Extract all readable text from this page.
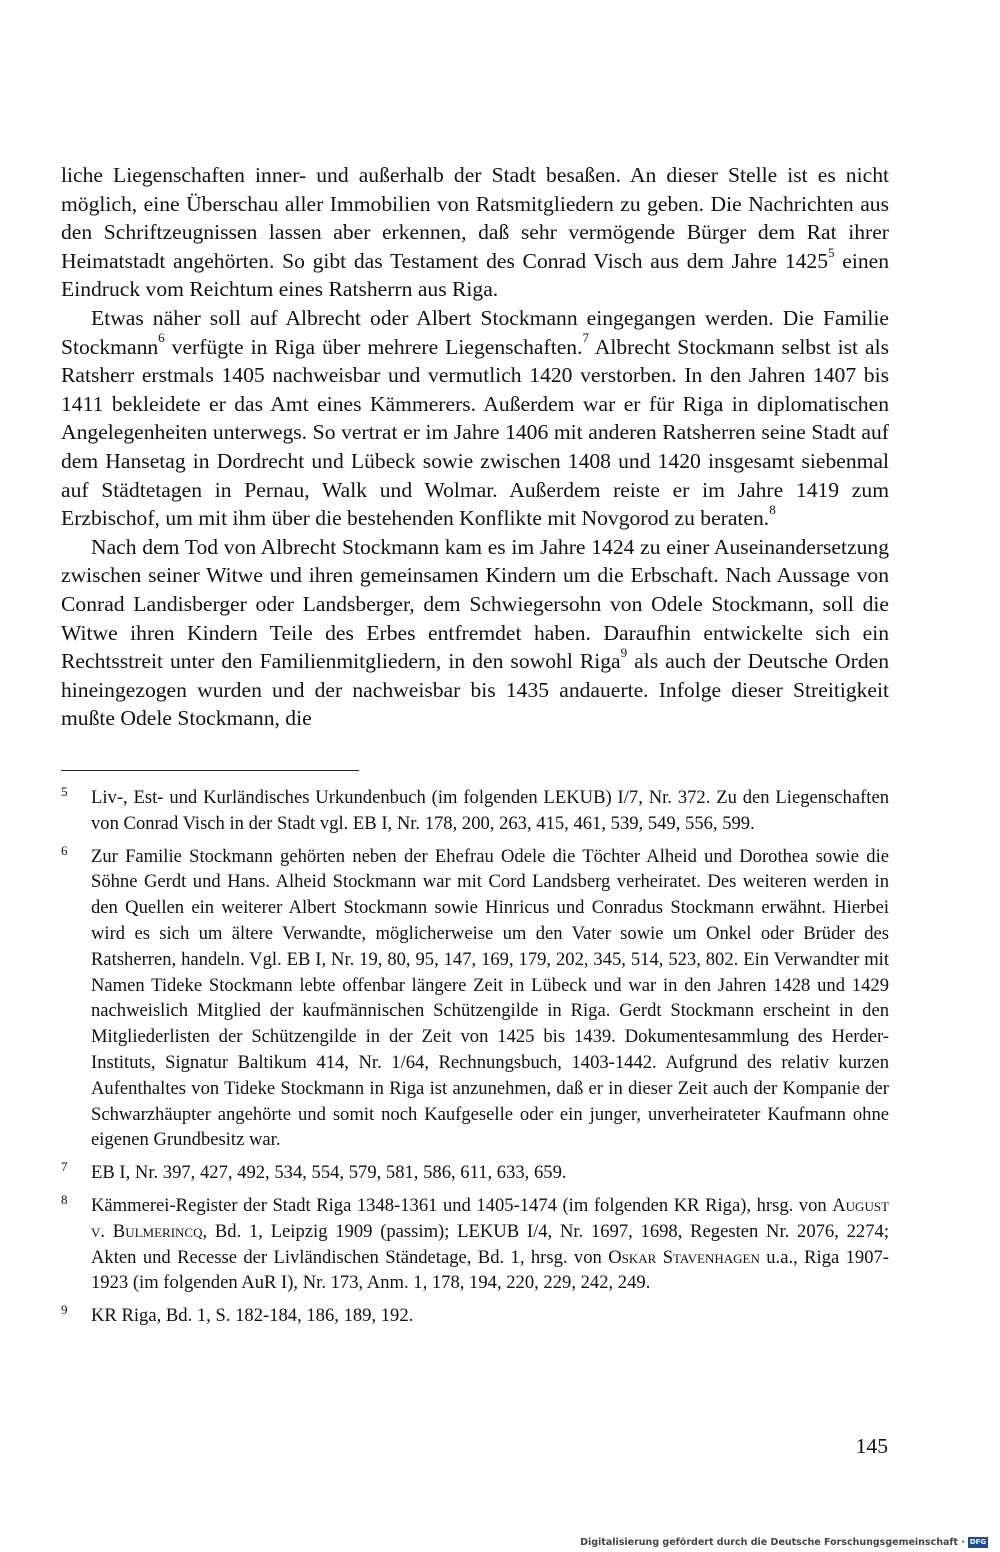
liche Liegenschaften inner- und außerhalb der Stadt besaßen. An dieser Stelle ist es nicht möglich, eine Überschau aller Immobilien von Ratsmitgliedern zu geben. Die Nachrichten aus den Schriftzeugnissen lassen aber erkennen, daß sehr vermögende Bürger dem Rat ihrer Heimatstadt angehörten. So gibt das Testament des Conrad Visch aus dem Jahre 1425$^5$ einen Eindruck vom Reichtum eines Ratsherrn aus Riga.

Etwas näher soll auf Albrecht oder Albert Stockmann eingegangen werden. Die Familie Stockmann$^6$ verfügte in Riga über mehrere Liegenschaften.$^7$ Albrecht Stockmann selbst ist als Ratsherr erstmals 1405 nachweisbar und vermutlich 1420 verstorben. In den Jahren 1407 bis 1411 bekleidete er das Amt eines Kämmerers. Außerdem war er für Riga in diplomatischen Angelegenheiten unterwegs. So vertrat er im Jahre 1406 mit anderen Ratsherren seine Stadt auf dem Hansetag in Dordrecht und Lübeck sowie zwischen 1408 und 1420 insgesamt siebenmal auf Städtetagen in Pernau, Walk und Wolmar. Außerdem reiste er im Jahre 1419 zum Erzbischof, um mit ihm über die bestehenden Konflikte mit Novgorod zu beraten.$^8$

Nach dem Tod von Albrecht Stockmann kam es im Jahre 1424 zu einer Auseinandersetzung zwischen seiner Witwe und ihren gemeinsamen Kindern um die Erbschaft. Nach Aussage von Conrad Landisberger oder Landsberger, dem Schwiegersohn von Odele Stockmann, soll die Witwe ihren Kindern Teile des Erbes entfremdet haben. Daraufhin entwickelte sich ein Rechtsstreit unter den Familienmitgliedern, in den sowohl Riga$^9$ als auch der Deutsche Orden hineingezogen wurden und der nachweisbar bis 1435 andauerte. Infolge dieser Streitigkeit mußte Odele Stockmann, die

5 Liv-, Est- und Kurländisches Urkundenbuch (im folgenden LEKUB) I/7, Nr. 372. Zu den Liegenschaften von Conrad Visch in der Stadt vgl. EB I, Nr. 178, 200, 263, 415, 461, 539, 549, 556, 599.
6 Zur Familie Stockmann gehörten neben der Ehefrau Odele die Töchter Alheid und Dorothea sowie die Söhne Gerdt und Hans. Alheid Stockmann war mit Cord Landsberg verheiratet. Des weiteren werden in den Quellen ein weiterer Albert Stockmann sowie Hinricus und Conradus Stockmann erwähnt. Hierbei wird es sich um ältere Verwandte, möglicherweise um den Vater sowie um Onkel oder Brüder des Ratsherren, handeln. Vgl. EB I, Nr. 19, 80, 95, 147, 169, 179, 202, 345, 514, 523, 802. Ein Verwandter mit Namen Tideke Stockmann lebte offenbar längere Zeit in Lübeck und war in den Jahren 1428 und 1429 nachweislich Mitglied der kaufmännischen Schützengilde in Riga. Gerdt Stockmann erscheint in den Mitgliederlisten der Schützengilde in der Zeit von 1425 bis 1439. Dokumentesammlung des Herder-Instituts, Signatur Baltikum 414, Nr. 1/64, Rechnungsbuch, 1403-1442. Aufgrund des relativ kurzen Aufenthaltes von Tideke Stockmann in Riga ist anzunehmen, daß er in dieser Zeit auch der Kompanie der Schwarzhäupter angehörte und somit noch Kaufgeselle oder ein junger, unverheirateter Kaufmann ohne eigenen Grundbesitz war.
7 EB I, Nr. 397, 427, 492, 534, 554, 579, 581, 586, 611, 633, 659.
8 Kämmerei-Register der Stadt Riga 1348-1361 und 1405-1474 (im folgenden KR Riga), hrsg. von August v. Bulmerincq, Bd. 1, Leipzig 1909 (passim); LEKUB I/4, Nr. 1697, 1698, Regesten Nr. 2076, 2274; Akten und Recesse der Livländischen Ständetage, Bd. 1, hrsg. von Oskar Stavenhagen u.a., Riga 1907-1923 (im folgenden AuR I), Nr. 173, Anm. 1, 178, 194, 220, 229, 242, 249.
9 KR Riga, Bd. 1, S. 182-184, 186, 189, 192.
145
Digitalisierung gefördert durch die Deutsche Forschungsgemeinschaft · DFG
